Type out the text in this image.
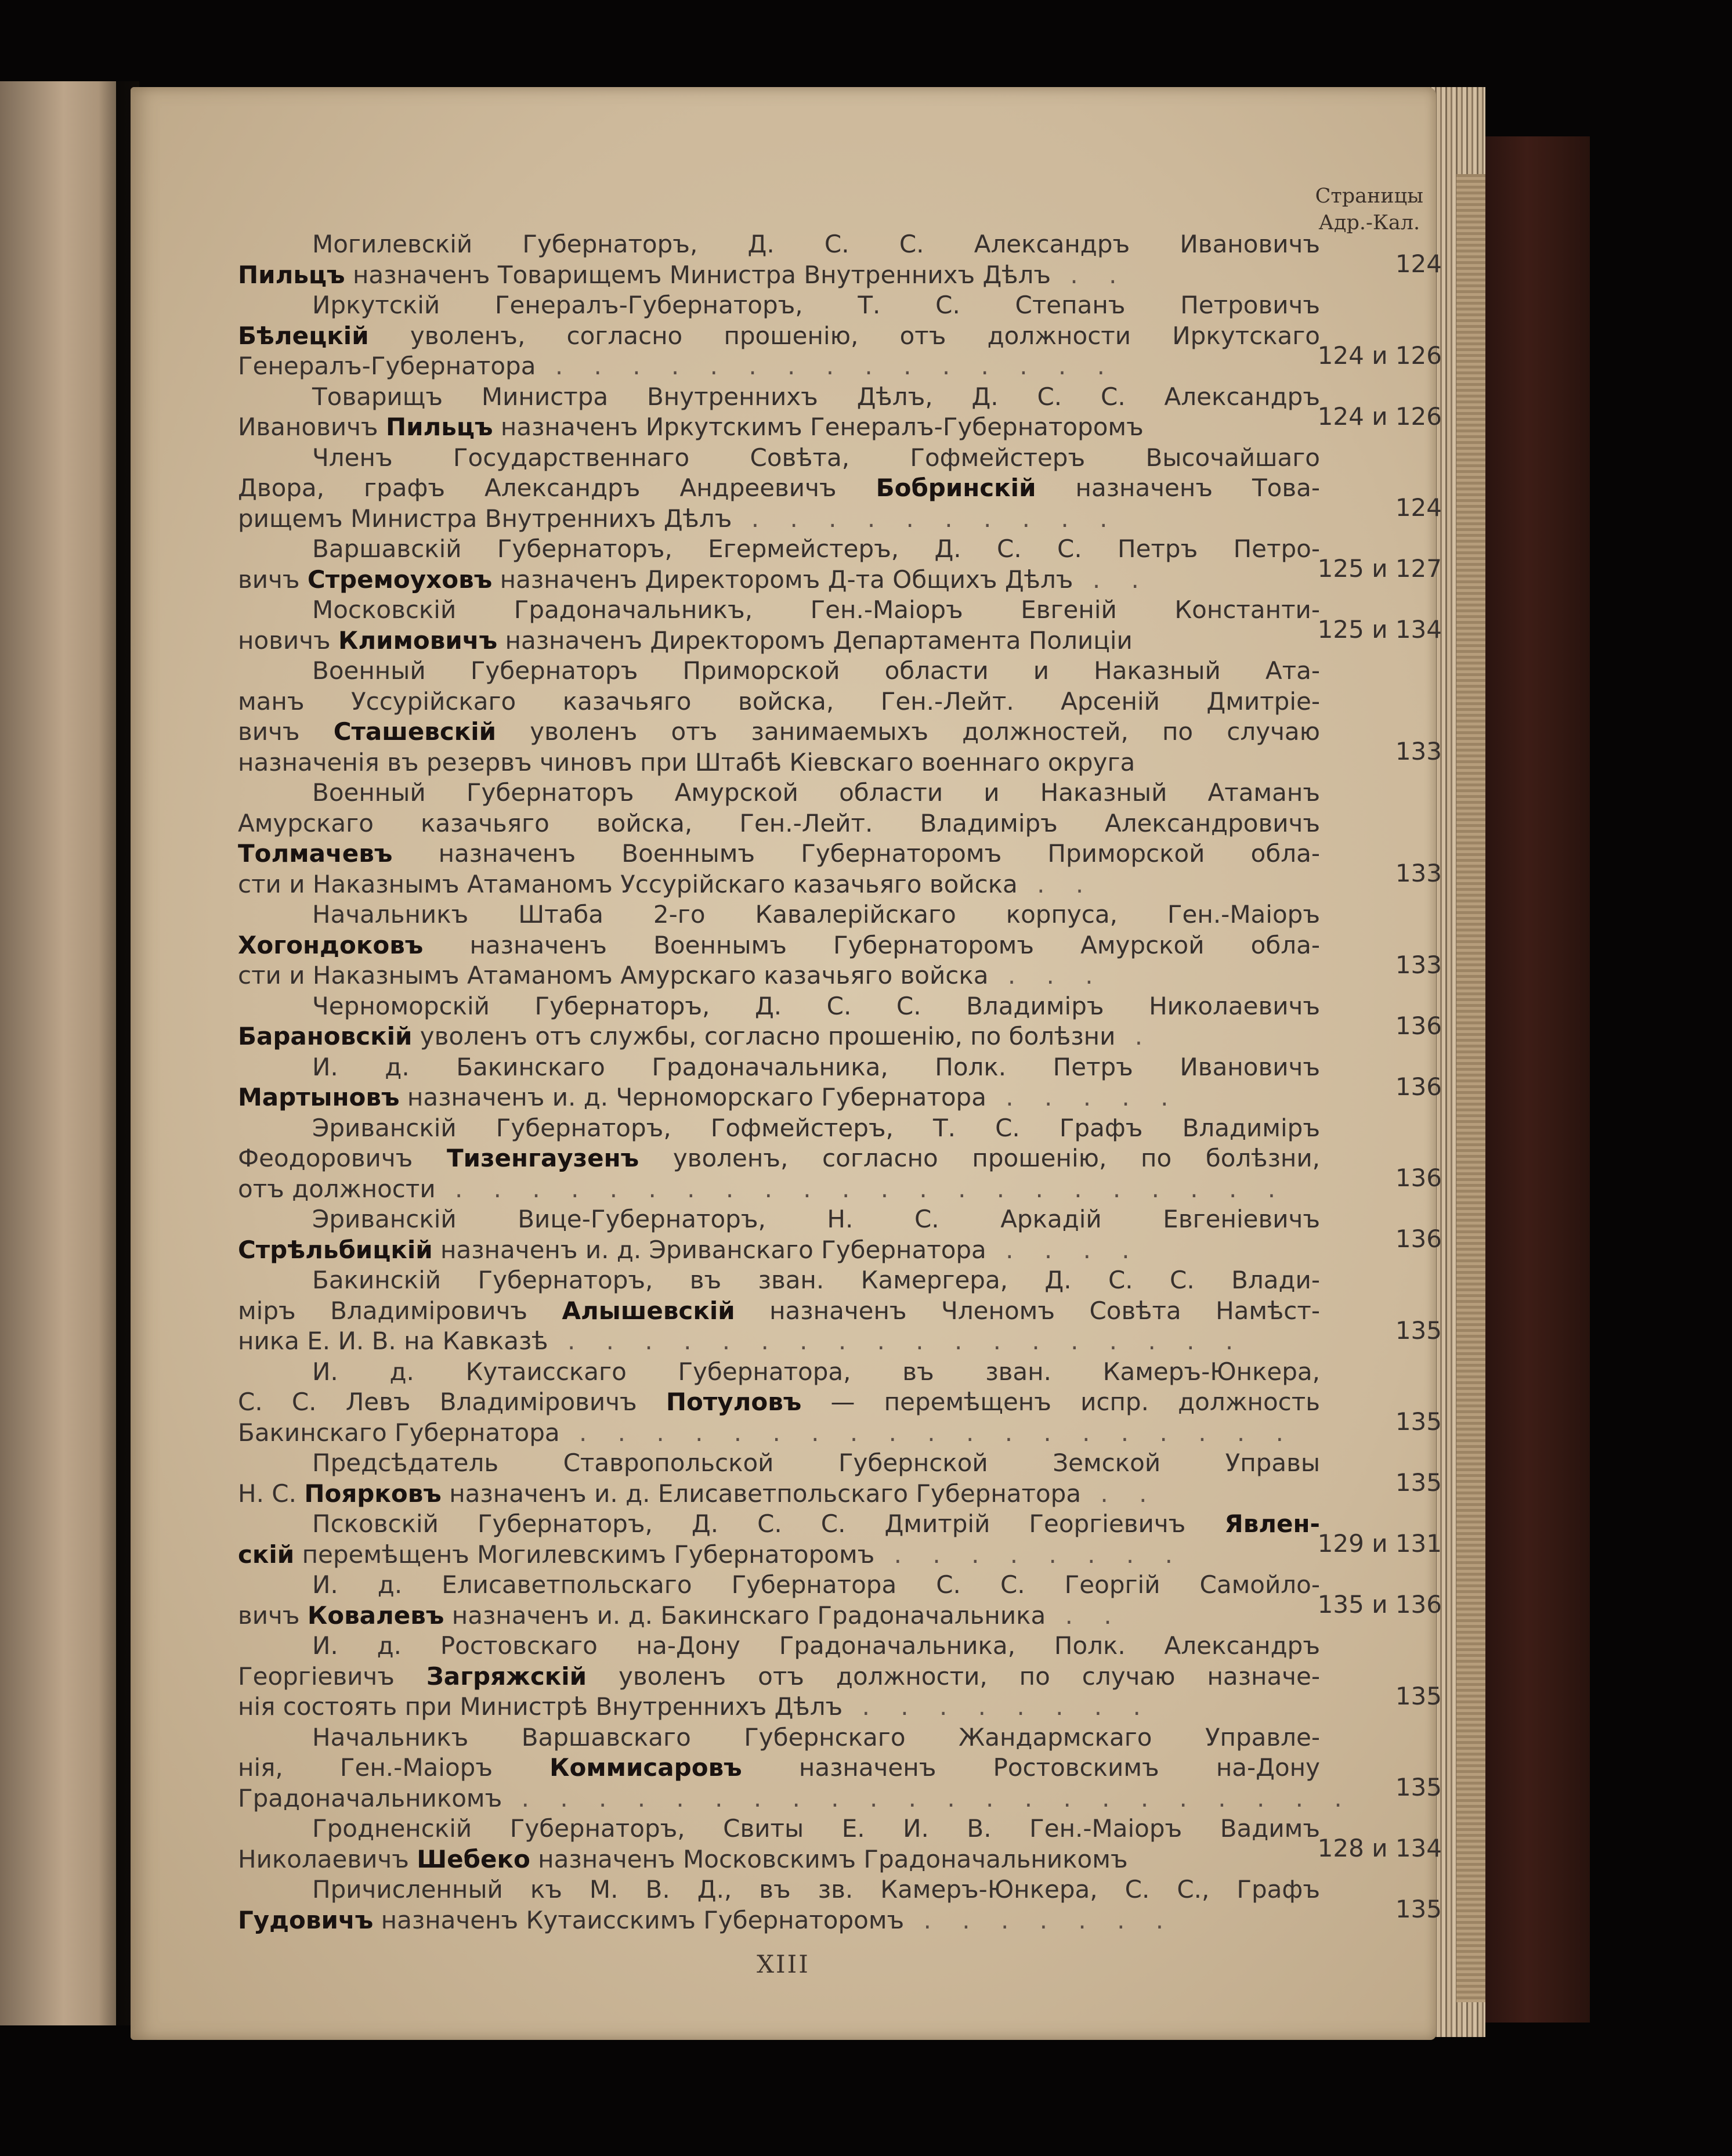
Страницы
Адр.-Кал.
Могилевскій Губернаторъ, Д. С. С. Александръ Ивановичъ
Пильцъ назначенъ Товарищемъ Министра Внутреннихъ Дѣлъ . .	124
Иркутскій Генералъ-Губернаторъ, Т. С. Степанъ Петровичъ
Бѣлецкій уволенъ, согласно прошенію, отъ должности Иркутскаго
Генералъ-Губернатора . . . . . . . . . . . . . . .	124 и 126
Товарищъ Министра Внутреннихъ Дѣлъ, Д. С. С. Александръ
Ивановичъ Пильцъ назначенъ Иркутскимъ Генералъ-Губернаторомъ	124 и 126
Членъ Государственнаго Совѣта, Гофмейстеръ Высочайшаго
Двора, графъ Александръ Андреевичъ Бобринскій назначенъ Това-
рищемъ Министра Внутреннихъ Дѣлъ . . . . . . . . . .	124
Варшавскій Губернаторъ, Егермейстеръ, Д. С. С. Петръ Петро-
вичъ Стремоуховъ назначенъ Директоромъ Д-та Общихъ Дѣлъ . .	125 и 127
Московскій Градоначальникъ, Ген.-Маіоръ Евгеній Константи-
новичъ Климовичъ назначенъ Директоромъ Департамента Полиціи	125 и 134
Военный Губернаторъ Приморской области и Наказный Ата-
манъ Уссурійскаго казачьяго войска, Ген.-Лейт. Арсеній Дмитріе-
вичъ Сташевскій уволенъ отъ занимаемыхъ должностей, по случаю
назначенія въ резервъ чиновъ при Штабѣ Кіевскаго военнаго округа	133
Военный Губернаторъ Амурской области и Наказный Атаманъ
Амурскаго казачьяго войска, Ген.-Лейт. Владиміръ Александровичъ
Толмачевъ назначенъ Военнымъ Губернаторомъ Приморской обла-
сти и Наказнымъ Атаманомъ Уссурійскаго казачьяго войска . .	133
Начальникъ Штаба 2-го Кавалерійскаго корпуса, Ген.-Маіоръ
Хогондоковъ назначенъ Военнымъ Губернаторомъ Амурской обла-
сти и Наказнымъ Атаманомъ Амурскаго казачьяго войска . . .	133
Черноморскій Губернаторъ, Д. С. С. Владиміръ Николаевичъ
Барановскій уволенъ отъ службы, согласно прошенію, по болѣзни .	136
И. д. Бакинскаго Градоначальника, Полк. Петръ Ивановичъ
Мартыновъ назначенъ и. д. Черноморскаго Губернатора . . . . .	136
Эриванскій Губернаторъ, Гофмейстеръ, Т. С. Графъ Владиміръ
Феодоровичъ Тизенгаузенъ уволенъ, согласно прошенію, по болѣзни,
отъ должности . . . . . . . . . . . . . . . . . . . . . .	136
Эриванскій Вице-Губернаторъ, Н. С. Аркадій Евгеніевичъ
Стрѣльбицкій назначенъ и. д. Эриванскаго Губернатора . . . .	136
Бакинскій Губернаторъ, въ зван. Камергера, Д. С. С. Влади-
міръ Владиміровичъ Алышевскій назначенъ Членомъ Совѣта Намѣст-
ника Е. И. В. на Кавказѣ . . . . . . . . . . . . . . . . . .	135
И. д. Кутаисскаго Губернатора, въ зван. Камеръ-Юнкера,
С. С. Левъ Владиміровичъ Потуловъ — перемѣщенъ испр. должность
Бакинскаго Губернатора . . . . . . . . . . . . . . . . . . .	135
Предсѣдатель Ставропольской Губернской Земской Управы
Н. С. Поярковъ назначенъ и. д. Елисаветпольскаго Губернатора . .	135
Псковскій Губернаторъ, Д. С. С. Дмитрій Георгіевичъ Явлен-
скій перемѣщенъ Могилевскимъ Губернаторомъ . . . . . . . .	129 и 131
И. д. Елисаветпольскаго Губернатора С. С. Георгій Самойло-
вичъ Ковалевъ назначенъ и. д. Бакинскаго Градоначальника . .	135 и 136
И. д. Ростовскаго на-Дону Градоначальника, Полк. Александръ
Георгіевичъ Загряжскій уволенъ отъ должности, по случаю назначе-
нія состоять при Министрѣ Внутреннихъ Дѣлъ . . . . . . . .	135
Начальникъ Варшавскаго Губернскаго Жандармскаго Управле-
нія, Ген.-Маіоръ Коммисаровъ назначенъ Ростовскимъ на-Дону
Градоначальникомъ . . . . . . . . . . . . . . . . . . . . . . 135
Гродненскій Губернаторъ, Свиты Е. И. В. Ген.-Маіоръ Вадимъ
Николаевичъ Шебеко назначенъ Московскимъ Градоначальникомъ	128 и 134
Причисленный къ М. В. Д., въ зв. Камеръ-Юнкера, С. С., Графъ
Гудовичъ назначенъ Кутаисскимъ Губернаторомъ . . . . . . .	135
XIII
